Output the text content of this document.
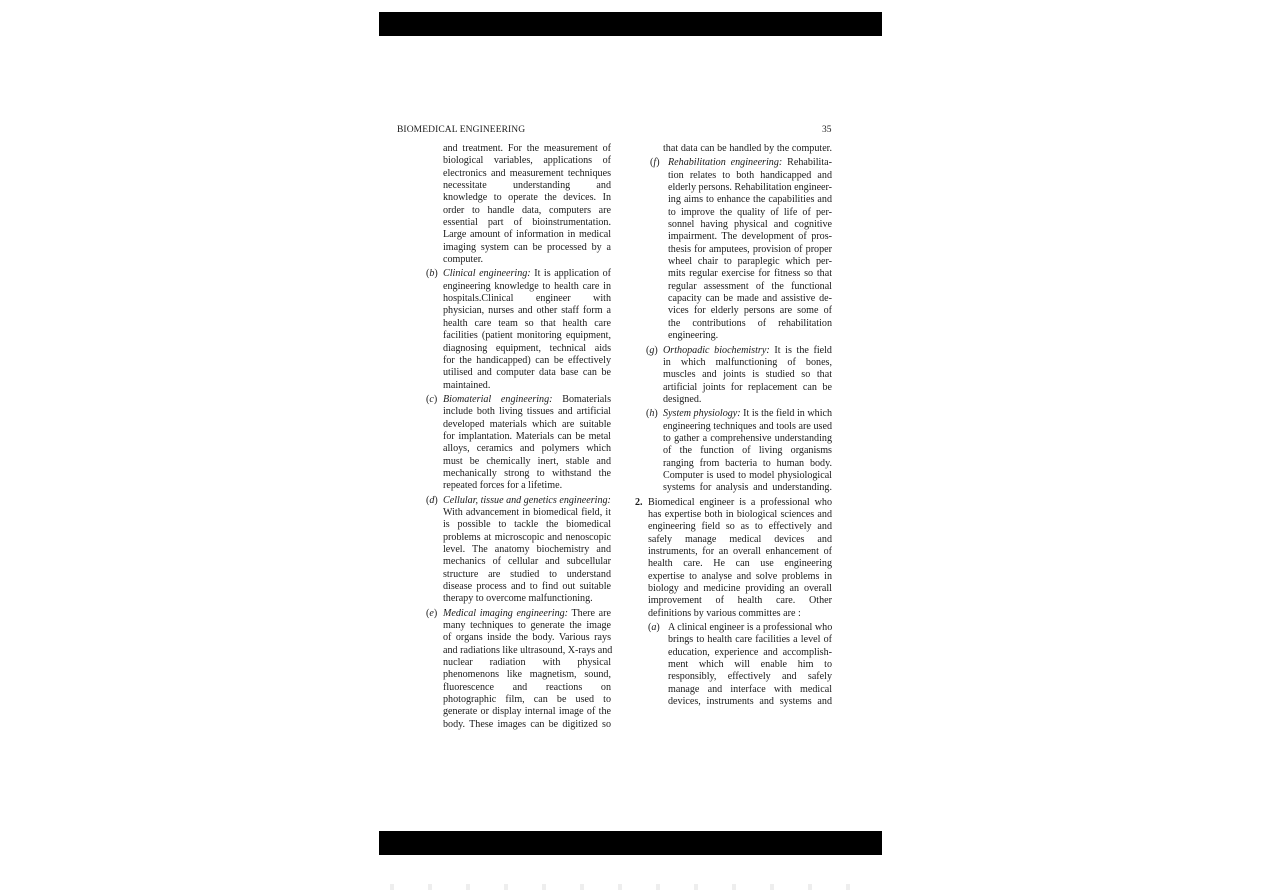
BIOMEDICAL ENGINEERING	35
and treatment. For the measurement of
biological variables, applications of
electronics and measurement techniques
necessitate understanding and
knowledge to operate the devices. In
order to handle data, computers are
essential part of bioinstrumentation.
Large amount of information in medical
imaging system can be processed by a
computer.
(b) Clinical engineering: It is application of
engineering knowledge to health care in
hospitals.Clinical engineer with
physician, nurses and other staff form a
health care team so that health care
facilities (patient monitoring equipment,
diagnosing equipment, technical aids
for the handicapped) can be effectively
utilised and computer data base can be
maintained.
(c) Biomaterial engineering: Bomaterials
include both living tissues and artificial
developed materials which are suitable
for implantation. Materials can be metal
alloys, ceramics and polymers which
must be chemically inert, stable and
mechanically strong to withstand the
repeated forces for a lifetime.
(d) Cellular, tissue and genetics engineering:
With advancement in biomedical field, it
is possible to tackle the biomedical
problems at microscopic and nenoscopic
level. The anatomy biochemistry and
mechanics of cellular and subcellular
structure are studied to understand
disease process and to find out suitable
therapy to overcome malfunctioning.
(e) Medical imaging engineering: There are
many techniques to generate the image
of organs inside the body. Various rays
and radiations like ultrasound, X-rays and
nuclear radiation with physical
phenomenons like magnetism, sound,
fluorescence and reactions on
photographic film, can be used to
generate or display internal image of the
body. These images can be digitized so
that data can be handled by the computer.
(f) Rehabilitation engineering: Rehabilita-
tion relates to both handicapped and
elderly persons. Rehabilitation engineer-
ing aims to enhance the capabilities and
to improve the quality of life of per-
sonnel having physical and cognitive
impairment. The development of pros-
thesis for amputees, provision of proper
wheel chair to paraplegic which per-
mits regular exercise for fitness so that
regular assessment of the functional
capacity can be made and assistive de-
vices for elderly persons are some of
the contributions of rehabilitation
engineering.
(g) Orthopadic biochemistry: It is the field
in which malfunctioning of bones,
muscles and joints is studied so that
artificial joints for replacement can be
designed.
(h) System physiology: It is the field in which
engineering techniques and tools are used
to gather a comprehensive understanding
of the function of living organisms
ranging from bacteria to human body.
Computer is used to model physiological
systems for analysis and understanding.
2. Biomedical engineer is a professional who
has expertise both in biological sciences and
engineering field so as to effectively and
safely manage medical devices and
instruments, for an overall enhancement of
health care. He can use engineering
expertise to analyse and solve problems in
biology and medicine providing an overall
improvement of health care. Other
definitions by various committes are :
(a) A clinical engineer is a professional who
brings to health care facilities a level of
education, experience and accomplish-
ment which will enable him to
responsibly, effectively and safely
manage and interface with medical
devices, instruments and systems and
